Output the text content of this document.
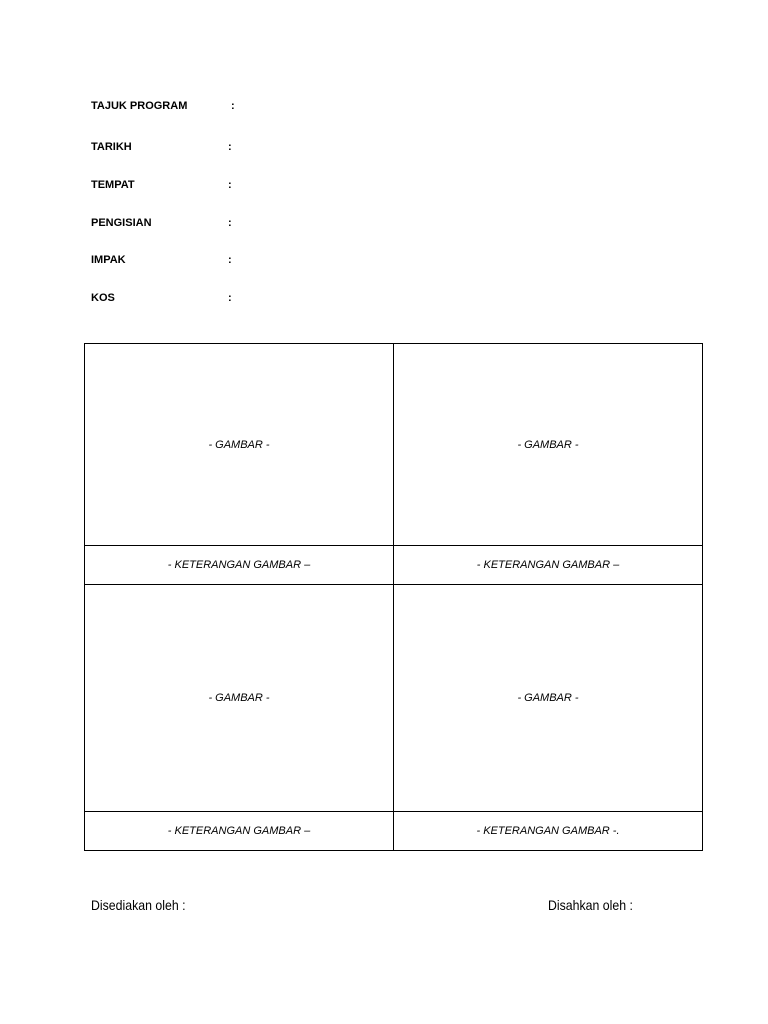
TAJUK PROGRAM	:
TARIKH	:
TEMPAT	:
PENGISIAN	:
IMPAK	:
KOS	:
- GAMBAR -	- GAMBAR -
- KETERANGAN GAMBAR –	- KETERANGAN GAMBAR –
- GAMBAR -	- GAMBAR -
- KETERANGAN GAMBAR –	- KETERANGAN GAMBAR -.
Disediakan oleh :	Disahkan oleh :
